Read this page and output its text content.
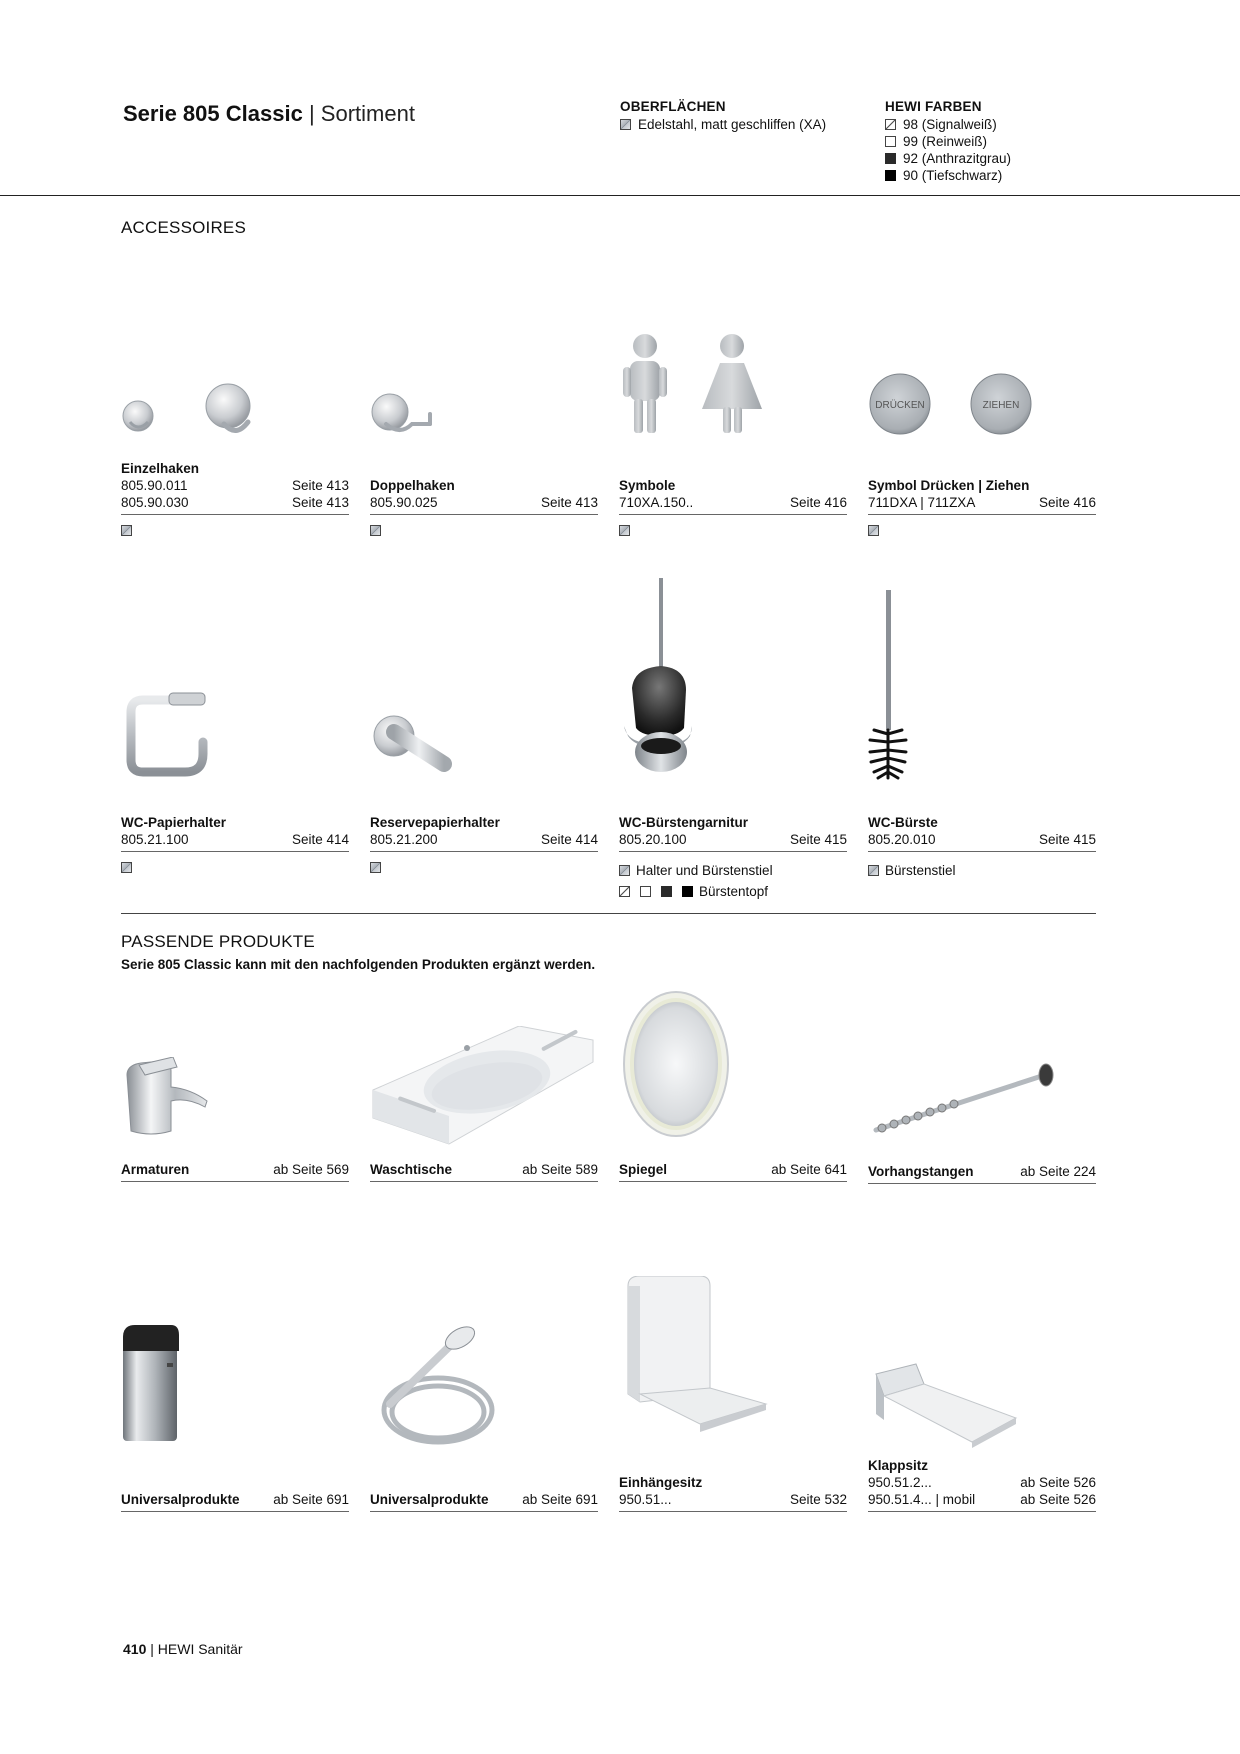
Serie 805 Classic | Sortiment	OBERFLÄCHEN
Edelstahl, matt geschliffen (XA)
HEWI FARBEN
98 (Signalweiß)
99 (Reinweiß)
92 (Anthrazitgrau)
90 (Tiefschwarz)
ACCESSOIRES
DRÜCKEN	ZIEHEN
Einzelhaken
805.90.011	Seite 413
805.90.030	Seite 413
Doppelhaken
805.90.025	Seite 413
Symbole
710XA.150..	Seite 416
Symbol Drücken | Ziehen
711DXA | 711ZXA	Seite 416
WC-Papierhalter
805.21.100	Seite 414
Reservepapierhalter
805.21.200	Seite 414
WC-Bürstengarnitur
805.20.100	Seite 415
Halter und Bürstenstiel
Bürstentopf
WC-Bürste
805.20.010	Seite 415
Bürstenstiel
PASSENDE PRODUKTE
Serie 805 Classic kann mit den nachfolgenden Produkten ergänzt werden.
Armaturen	ab Seite 569 Waschtische	ab Seite 589 Spiegel	ab Seite 641 Vorhangstangen	ab Seite 224
Universalprodukte ab Seite 691 Universalprodukte ab Seite 691
Einhängesitz
950.51...	Seite 532
Klappsitz
950.51.2...	ab Seite 526
950.51.4... | mobil	ab Seite 526
410 | HEWI Sanitär
